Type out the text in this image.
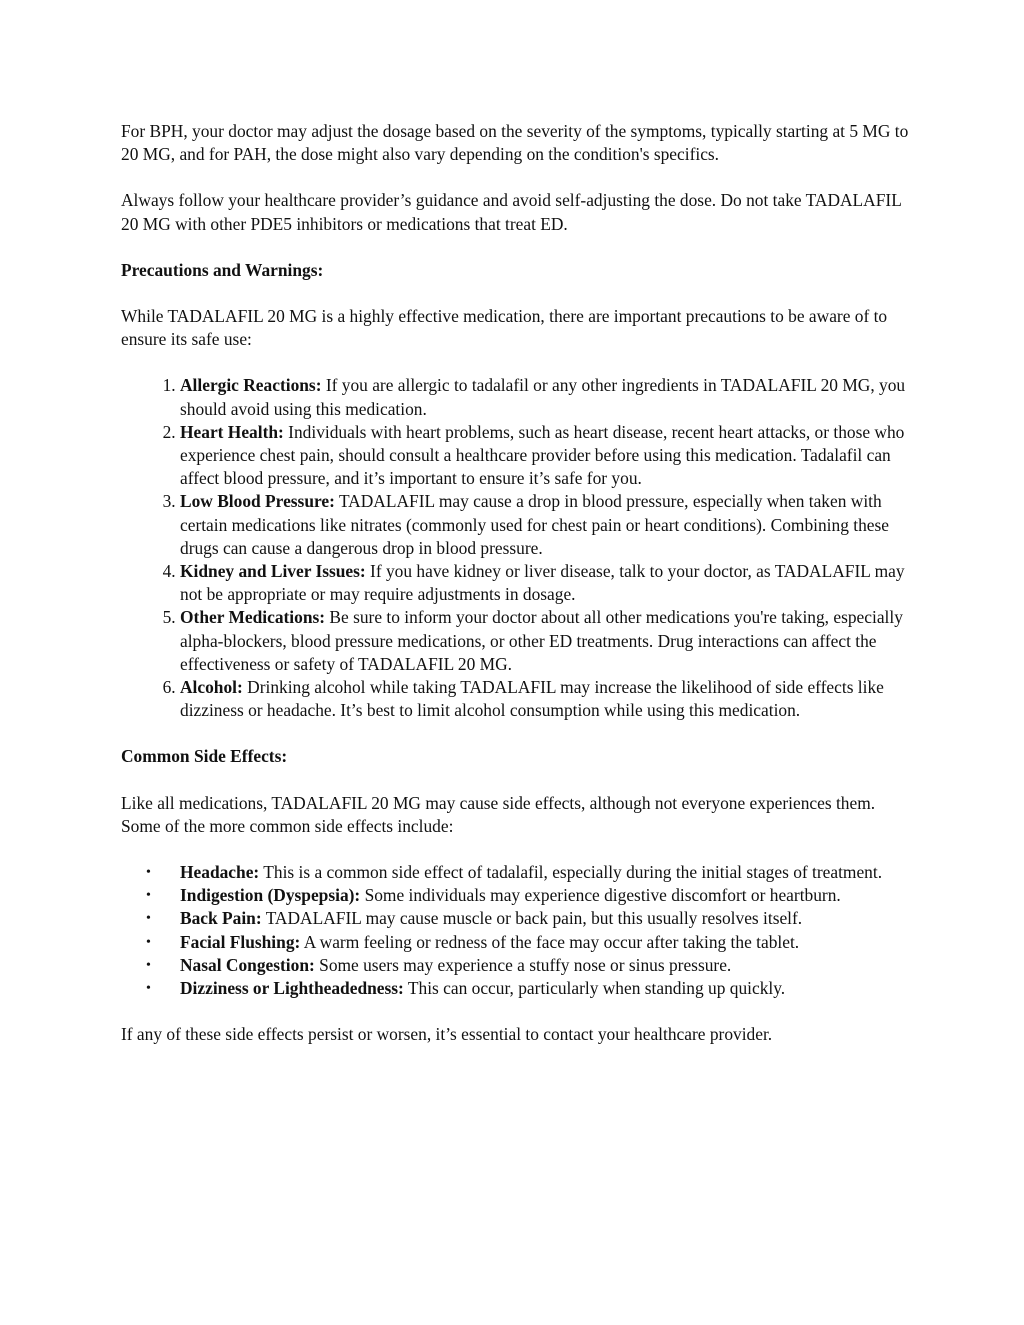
For BPH, your doctor may adjust the dosage based on the severity of the symptoms, typically starting at 5 MG to 20 MG, and for PAH, the dose might also vary depending on the condition's specifics.

Always follow your healthcare provider’s guidance and avoid self-adjusting the dose. Do not take TADALAFIL 20 MG with other PDE5 inhibitors or medications that treat ED.

Precautions and Warnings:

While TADALAFIL 20 MG is a highly effective medication, there are important precautions to be aware of to ensure its safe use:

1. Allergic Reactions: If you are allergic to tadalafil or any other ingredients in TADALAFIL 20 MG, you should avoid using this medication.
2. Heart Health: Individuals with heart problems, such as heart disease, recent heart attacks, or those who experience chest pain, should consult a healthcare provider before using this medication. Tadalafil can affect blood pressure, and it’s important to ensure it’s safe for you.
3. Low Blood Pressure: TADALAFIL may cause a drop in blood pressure, especially when taken with certain medications like nitrates (commonly used for chest pain or heart conditions). Combining these drugs can cause a dangerous drop in blood pressure.
4. Kidney and Liver Issues: If you have kidney or liver disease, talk to your doctor, as TADALAFIL may not be appropriate or may require adjustments in dosage.
5. Other Medications: Be sure to inform your doctor about all other medications you're taking, especially alpha-blockers, blood pressure medications, or other ED treatments. Drug interactions can affect the effectiveness or safety of TADALAFIL 20 MG.
6. Alcohol: Drinking alcohol while taking TADALAFIL may increase the likelihood of side effects like dizziness or headache. It’s best to limit alcohol consumption while using this medication.

Common Side Effects:

Like all medications, TADALAFIL 20 MG may cause side effects, although not everyone experiences them. Some of the more common side effects include:

• Headache: This is a common side effect of tadalafil, especially during the initial stages of treatment.
• Indigestion (Dyspepsia): Some individuals may experience digestive discomfort or heartburn.
• Back Pain: TADALAFIL may cause muscle or back pain, but this usually resolves itself.
• Facial Flushing: A warm feeling or redness of the face may occur after taking the tablet.
• Nasal Congestion: Some users may experience a stuffy nose or sinus pressure.
• Dizziness or Lightheadedness: This can occur, particularly when standing up quickly.

If any of these side effects persist or worsen, it’s essential to contact your healthcare provider.
